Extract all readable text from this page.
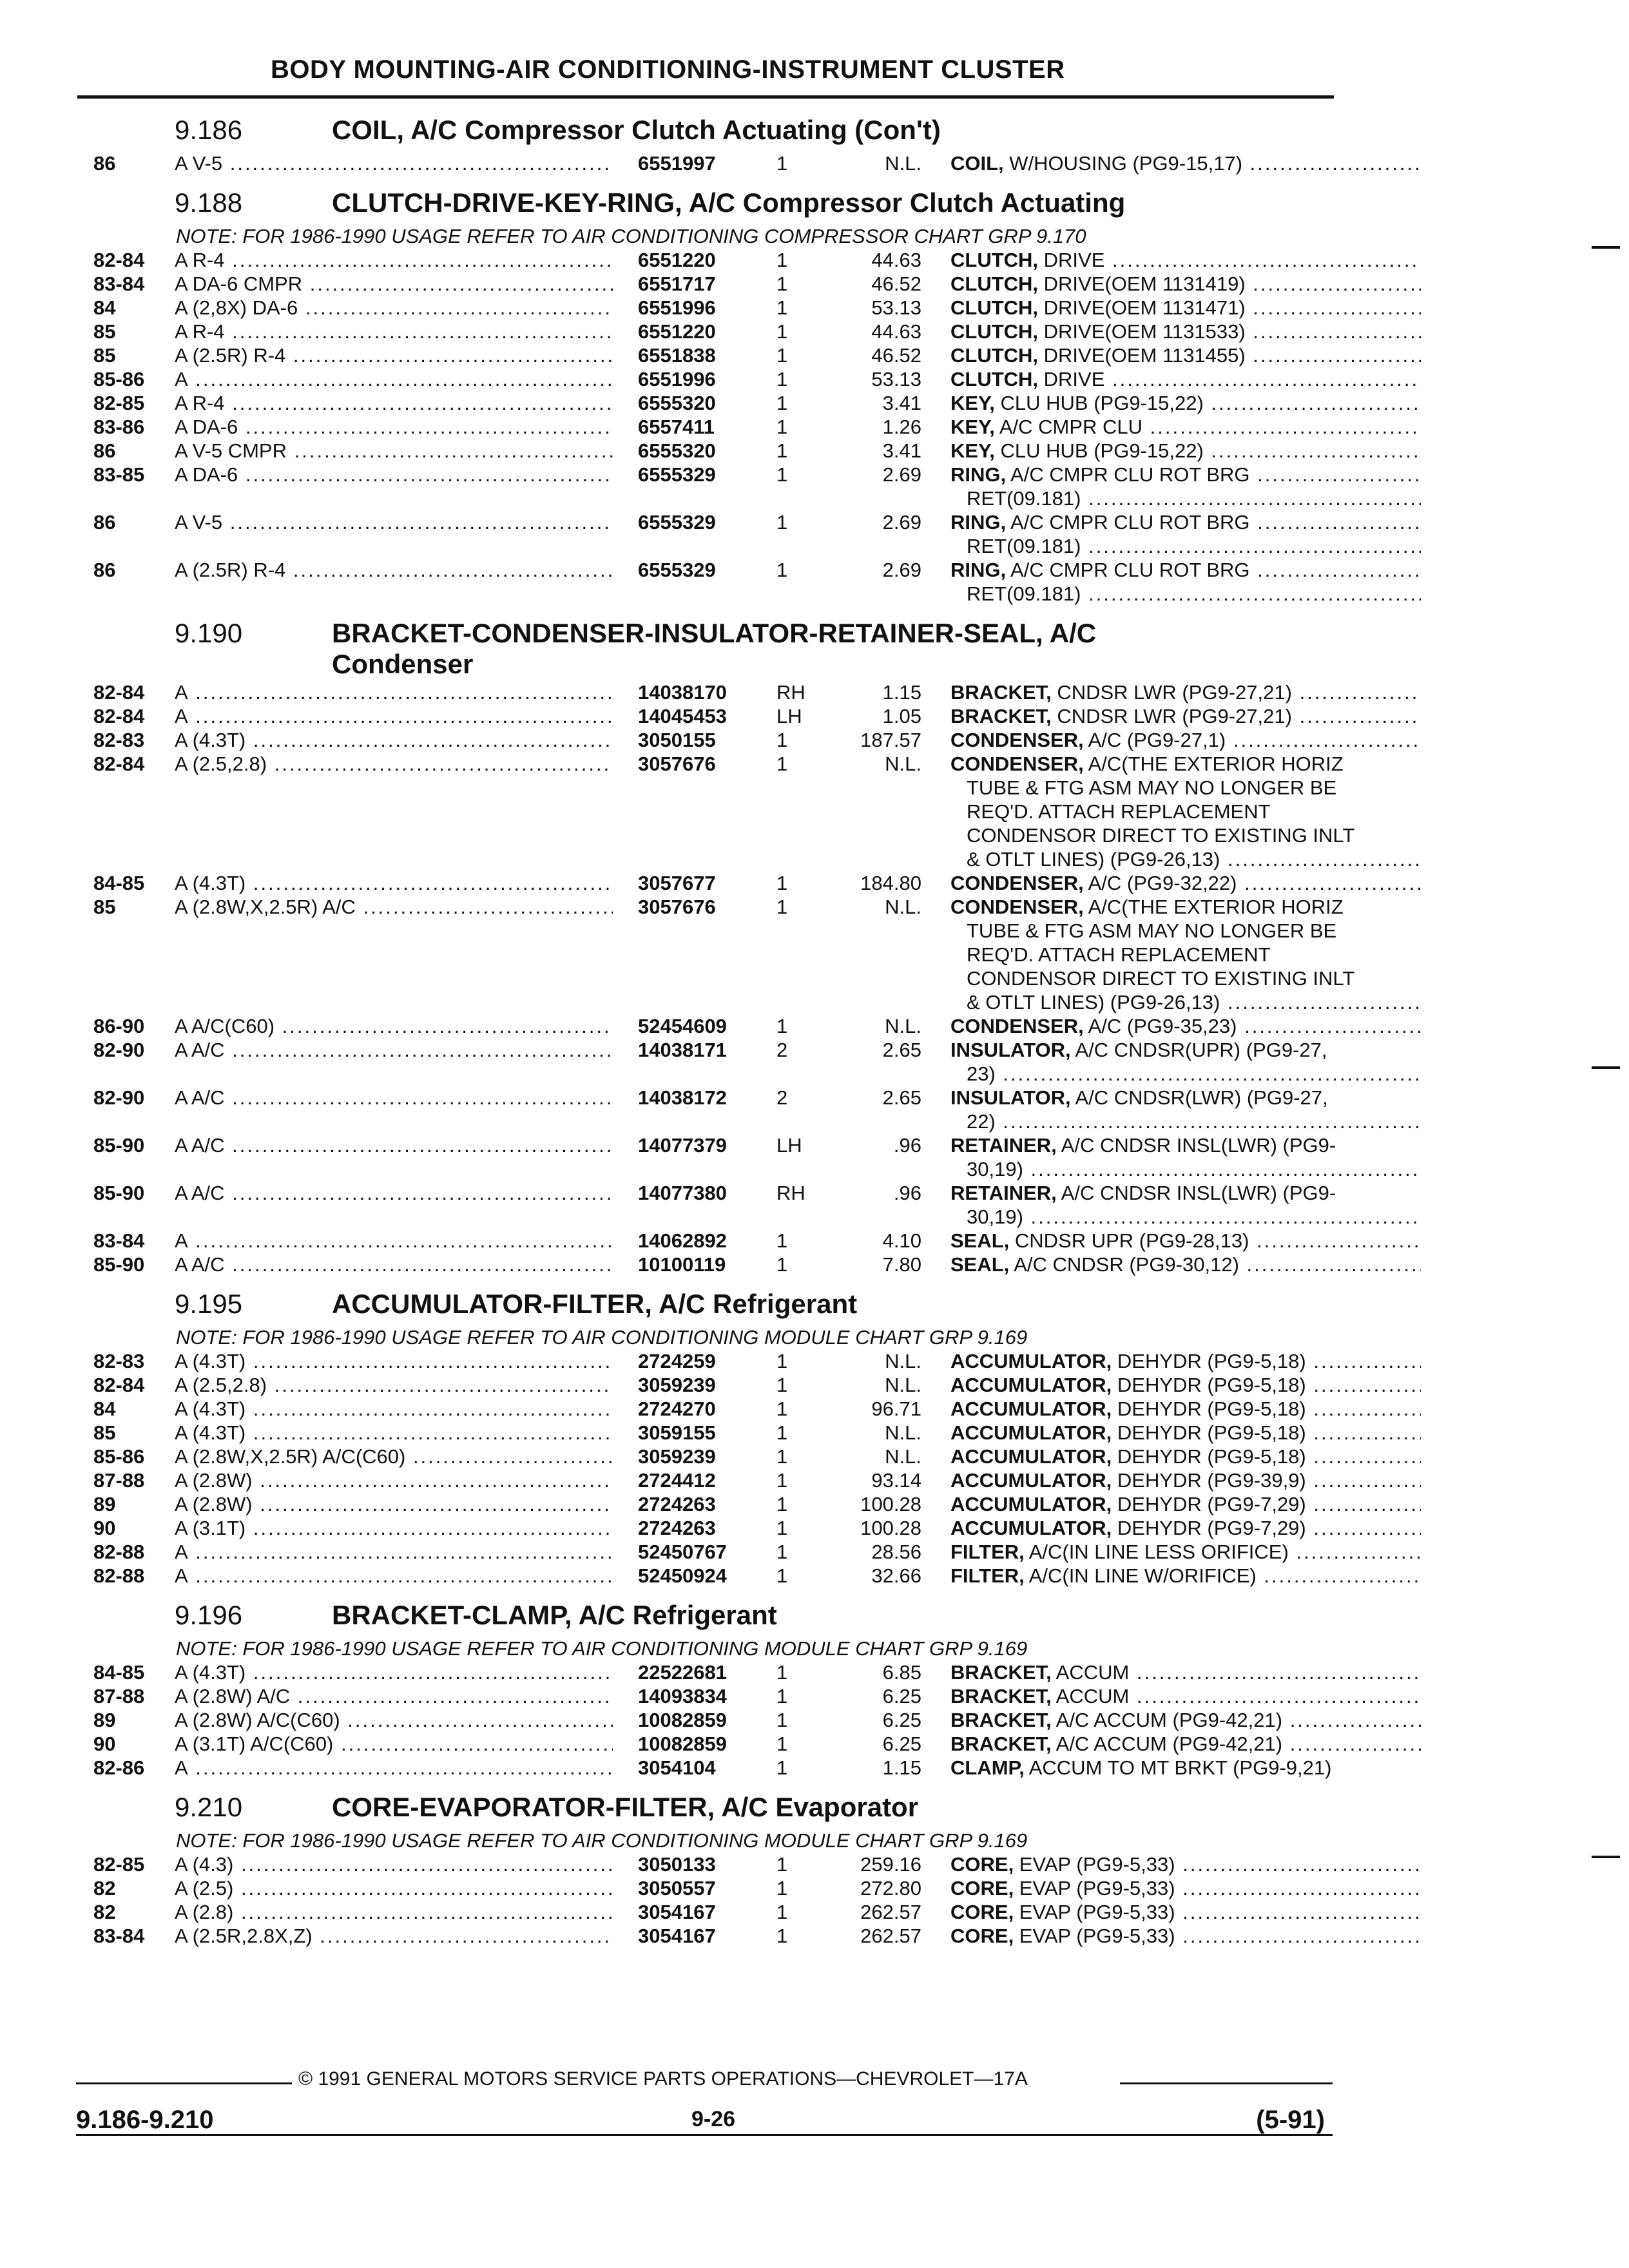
BODY MOUNTING-AIR CONDITIONING-INSTRUMENT CLUSTER
9.186	COIL, A/C Compressor Clutch Actuating (Con't)
86	A V-5 .....	6551997	1	N.L. COIL, W/HOUSING (PG9-15,17) .....
9.188	CLUTCH-DRIVE-KEY-RING, A/C Compressor Clutch Actuating
NOTE: FOR 1986-1990 USAGE REFER TO AIR CONDITIONING COMPRESSOR CHART GRP 9.170
82-84 A R-4 .....	6551220	1	44.63 CLUTCH, DRIVE .....
83-84 A DA-6 CMPR .....	6551717	1	46.52 CLUTCH, DRIVE(OEM 1131419) .....
84	A (2,8X) DA-6 .....	6551996	1	53.13 CLUTCH, DRIVE(OEM 1131471) .....
85	A R-4 .....	6551220	1	44.63 CLUTCH, DRIVE(OEM 1131533) .....
85	A (2.5R) R-4 .....	6551838	1	46.52 CLUTCH, DRIVE(OEM 1131455) .....
85-86 A .....	6551996	1	53.13 CLUTCH, DRIVE .....
82-85 A R-4 .....	6555320	1	3.41 KEY, CLU HUB (PG9-15,22) .....
83-86 A DA-6 .....	6557411	1	1.26 KEY, A/C CMPR CLU .....
86	A V-5 CMPR .....	6555320	1	3.41 KEY, CLU HUB (PG9-15,22) .....
83-85 A DA-6 .....	6555329	1	2.69 RING, A/C CMPR CLU ROT BRG .....
RET(09.181) .....
86	A V-5 .....	6555329	1	2.69 RING, A/C CMPR CLU ROT BRG .....
RET(09.181) .....
86	A (2.5R) R-4 .....	6555329	1	2.69 RING, A/C CMPR CLU ROT BRG .....
RET(09.181) .....
9.190	BRACKET-CONDENSER-INSULATOR-RETAINER-SEAL, A/C
Condenser
82-84 A .....	14038170 RH	1.15 BRACKET, CNDSR LWR (PG9-27,21) .....
82-84 A .....	14045453 LH	1.05 BRACKET, CNDSR LWR (PG9-27,21) .....
82-83 A (4.3T) .....	3050155	1	187.57 CONDENSER, A/C (PG9-27,1) .....
82-84 A (2.5,2.8) .....	3057676	1	N.L. CONDENSER, A/C(THE EXTERIOR HORIZ
TUBE & FTG ASM MAY NO LONGER BE
REQ'D. ATTACH REPLACEMENT
CONDENSOR DIRECT TO EXISTING INLT
& OTLT LINES) (PG9-26,13) .....
84-85 A (4.3T) .....	3057677	1	184.80 CONDENSER, A/C (PG9-32,22) .....
85	A (2.8W,X,2.5R) A/C .....	3057676	1	N.L. CONDENSER, A/C(THE EXTERIOR HORIZ
TUBE & FTG ASM MAY NO LONGER BE
REQ'D. ATTACH REPLACEMENT
CONDENSOR DIRECT TO EXISTING INLT
& OTLT LINES) (PG9-26,13) .....
86-90 A A/C(C60) .....	52454609 1	N.L. CONDENSER, A/C (PG9-35,23) .....
82-90 A A/C .....	14038171 2	2.65 INSULATOR, A/C CNDSR(UPR) (PG9-27,
23) .....
82-90 A A/C .....	14038172 2	2.65 INSULATOR, A/C CNDSR(LWR) (PG9-27,
22) .....
85-90 A A/C .....	14077379 LH	.96 RETAINER, A/C CNDSR INSL(LWR) (PG9-
30,19) .....
85-90 A A/C .....	14077380 RH	.96 RETAINER, A/C CNDSR INSL(LWR) (PG9-
30,19) .....
83-84 A .....	14062892 1	4.10 SEAL, CNDSR UPR (PG9-28,13) .....
85-90 A A/C .....	10100119	1	7.80 SEAL, A/C CNDSR (PG9-30,12) .....
9.195	ACCUMULATOR-FILTER, A/C Refrigerant
NOTE: FOR 1986-1990 USAGE REFER TO AIR CONDITIONING MODULE CHART GRP 9.169
82-83 A (4.3T) .....	2724259	1	N.L. ACCUMULATOR, DEHYDR (PG9-5,18) .....
82-84 A (2.5,2.8) .....	3059239	1	N.L. ACCUMULATOR, DEHYDR (PG9-5,18) .....
84	A (4.3T) .....	2724270	1	96.71 ACCUMULATOR, DEHYDR (PG9-5,18) .....
85	A (4.3T) .....	3059155	1	N.L. ACCUMULATOR, DEHYDR (PG9-5,18) .....
85-86 A (2.8W,X,2.5R) A/C(C60) .....	3059239	1	N.L. ACCUMULATOR, DEHYDR (PG9-5,18) .....
87-88 A (2.8W) .....	2724412	1	93.14 ACCUMULATOR, DEHYDR (PG9-39,9) .....
89	A (2.8W) .....	2724263	1	100.28 ACCUMULATOR, DEHYDR (PG9-7,29) .....
90	A (3.1T) .....	2724263	1	100.28 ACCUMULATOR, DEHYDR (PG9-7,29) .....
82-88 A .....	52450767 1	28.56 FILTER, A/C(IN LINE LESS ORIFICE) .....
82-88 A .....	52450924 1	32.66 FILTER, A/C(IN LINE W/ORIFICE) .....
9.196	BRACKET-CLAMP, A/C Refrigerant
NOTE: FOR 1986-1990 USAGE REFER TO AIR CONDITIONING MODULE CHART GRP 9.169
84-85 A (4.3T) .....	22522681 1	6.85 BRACKET, ACCUM .....
87-88 A (2.8W) A/C .....	14093834 1	6.25 BRACKET, ACCUM .....
89	A (2.8W) A/C(C60) .....	10082859 1	6.25 BRACKET, A/C ACCUM (PG9-42,21) .....
90	A (3.1T) A/C(C60) .....	10082859 1	6.25 BRACKET, A/C ACCUM (PG9-42,21) .....
82-86 A .....	3054104	1	1.15 CLAMP, ACCUM TO MT BRKT (PG9-9,21)
9.210	CORE-EVAPORATOR-FILTER, A/C Evaporator
NOTE: FOR 1986-1990 USAGE REFER TO AIR CONDITIONING MODULE CHART GRP 9.169
82-85 A (4.3) .....	3050133	1	259.16 CORE, EVAP (PG9-5,33) .....
82	A (2.5) .....	3050557	1	272.80 CORE, EVAP (PG9-5,33) .....
82	A (2.8) .....	3054167	1	262.57 CORE, EVAP (PG9-5,33) .....
83-84 A (2.5R,2.8X,Z) .....	3054167	1	262.57 CORE, EVAP (PG9-5,33) .....
© 1991 GENERAL MOTORS SERVICE PARTS OPERATIONS—CHEVROLET—17A
9.186-9.210	9-26	(5-91)
